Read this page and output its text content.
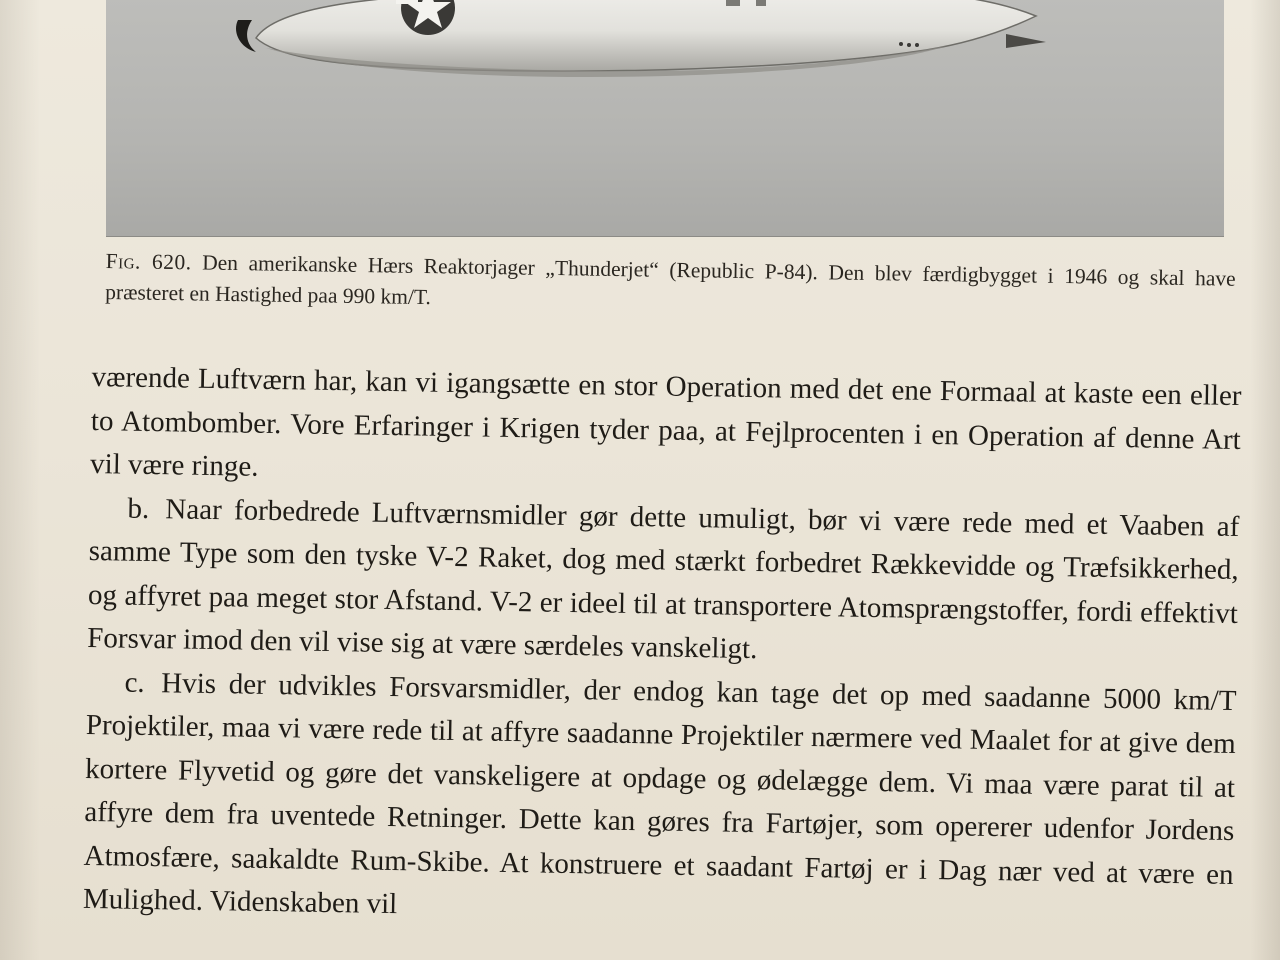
Fig. 620. Den amerikanske Hærs Reaktorjager „Thunderjet“ (Republic P-84). Den blev færdigbygget i 1946 og skal have præsteret en Hastighed paa 990 km/T.

værende Luftværn har, kan vi igangsætte en stor Operation med det ene Formaal at kaste een eller to Atombomber. Vore Erfaringer i Krigen tyder paa, at Fejlprocenten i en Operation af denne Art vil være ringe.

b. Naar forbedrede Luftværnsmidler gør dette umuligt, bør vi være rede med et Vaaben af samme Type som den tyske V-2 Raket, dog med stærkt forbedret Rækkevidde og Træfsikkerhed, og affyret paa meget stor Afstand. V-2 er ideel til at transportere Atomsprængstoffer, fordi effektivt Forsvar imod den vil vise sig at være særdeles vanskeligt.

c. Hvis der udvikles Forsvarsmidler, der endog kan tage det op med saadanne 5000 km/T Projektiler, maa vi være rede til at affyre saadanne Projektiler nærmere ved Maalet for at give dem kortere Flyvetid og gøre det vanskeligere at opdage og ødelægge dem. Vi maa være parat til at affyre dem fra uventede Retninger. Dette kan gøres fra Fartøjer, som opererer udenfor Jordens Atmosfære, saakaldte Rum-Skibe. At konstruere et saadant Fartøj er i Dag nær ved at være en Mulighed. Videnskaben vil
